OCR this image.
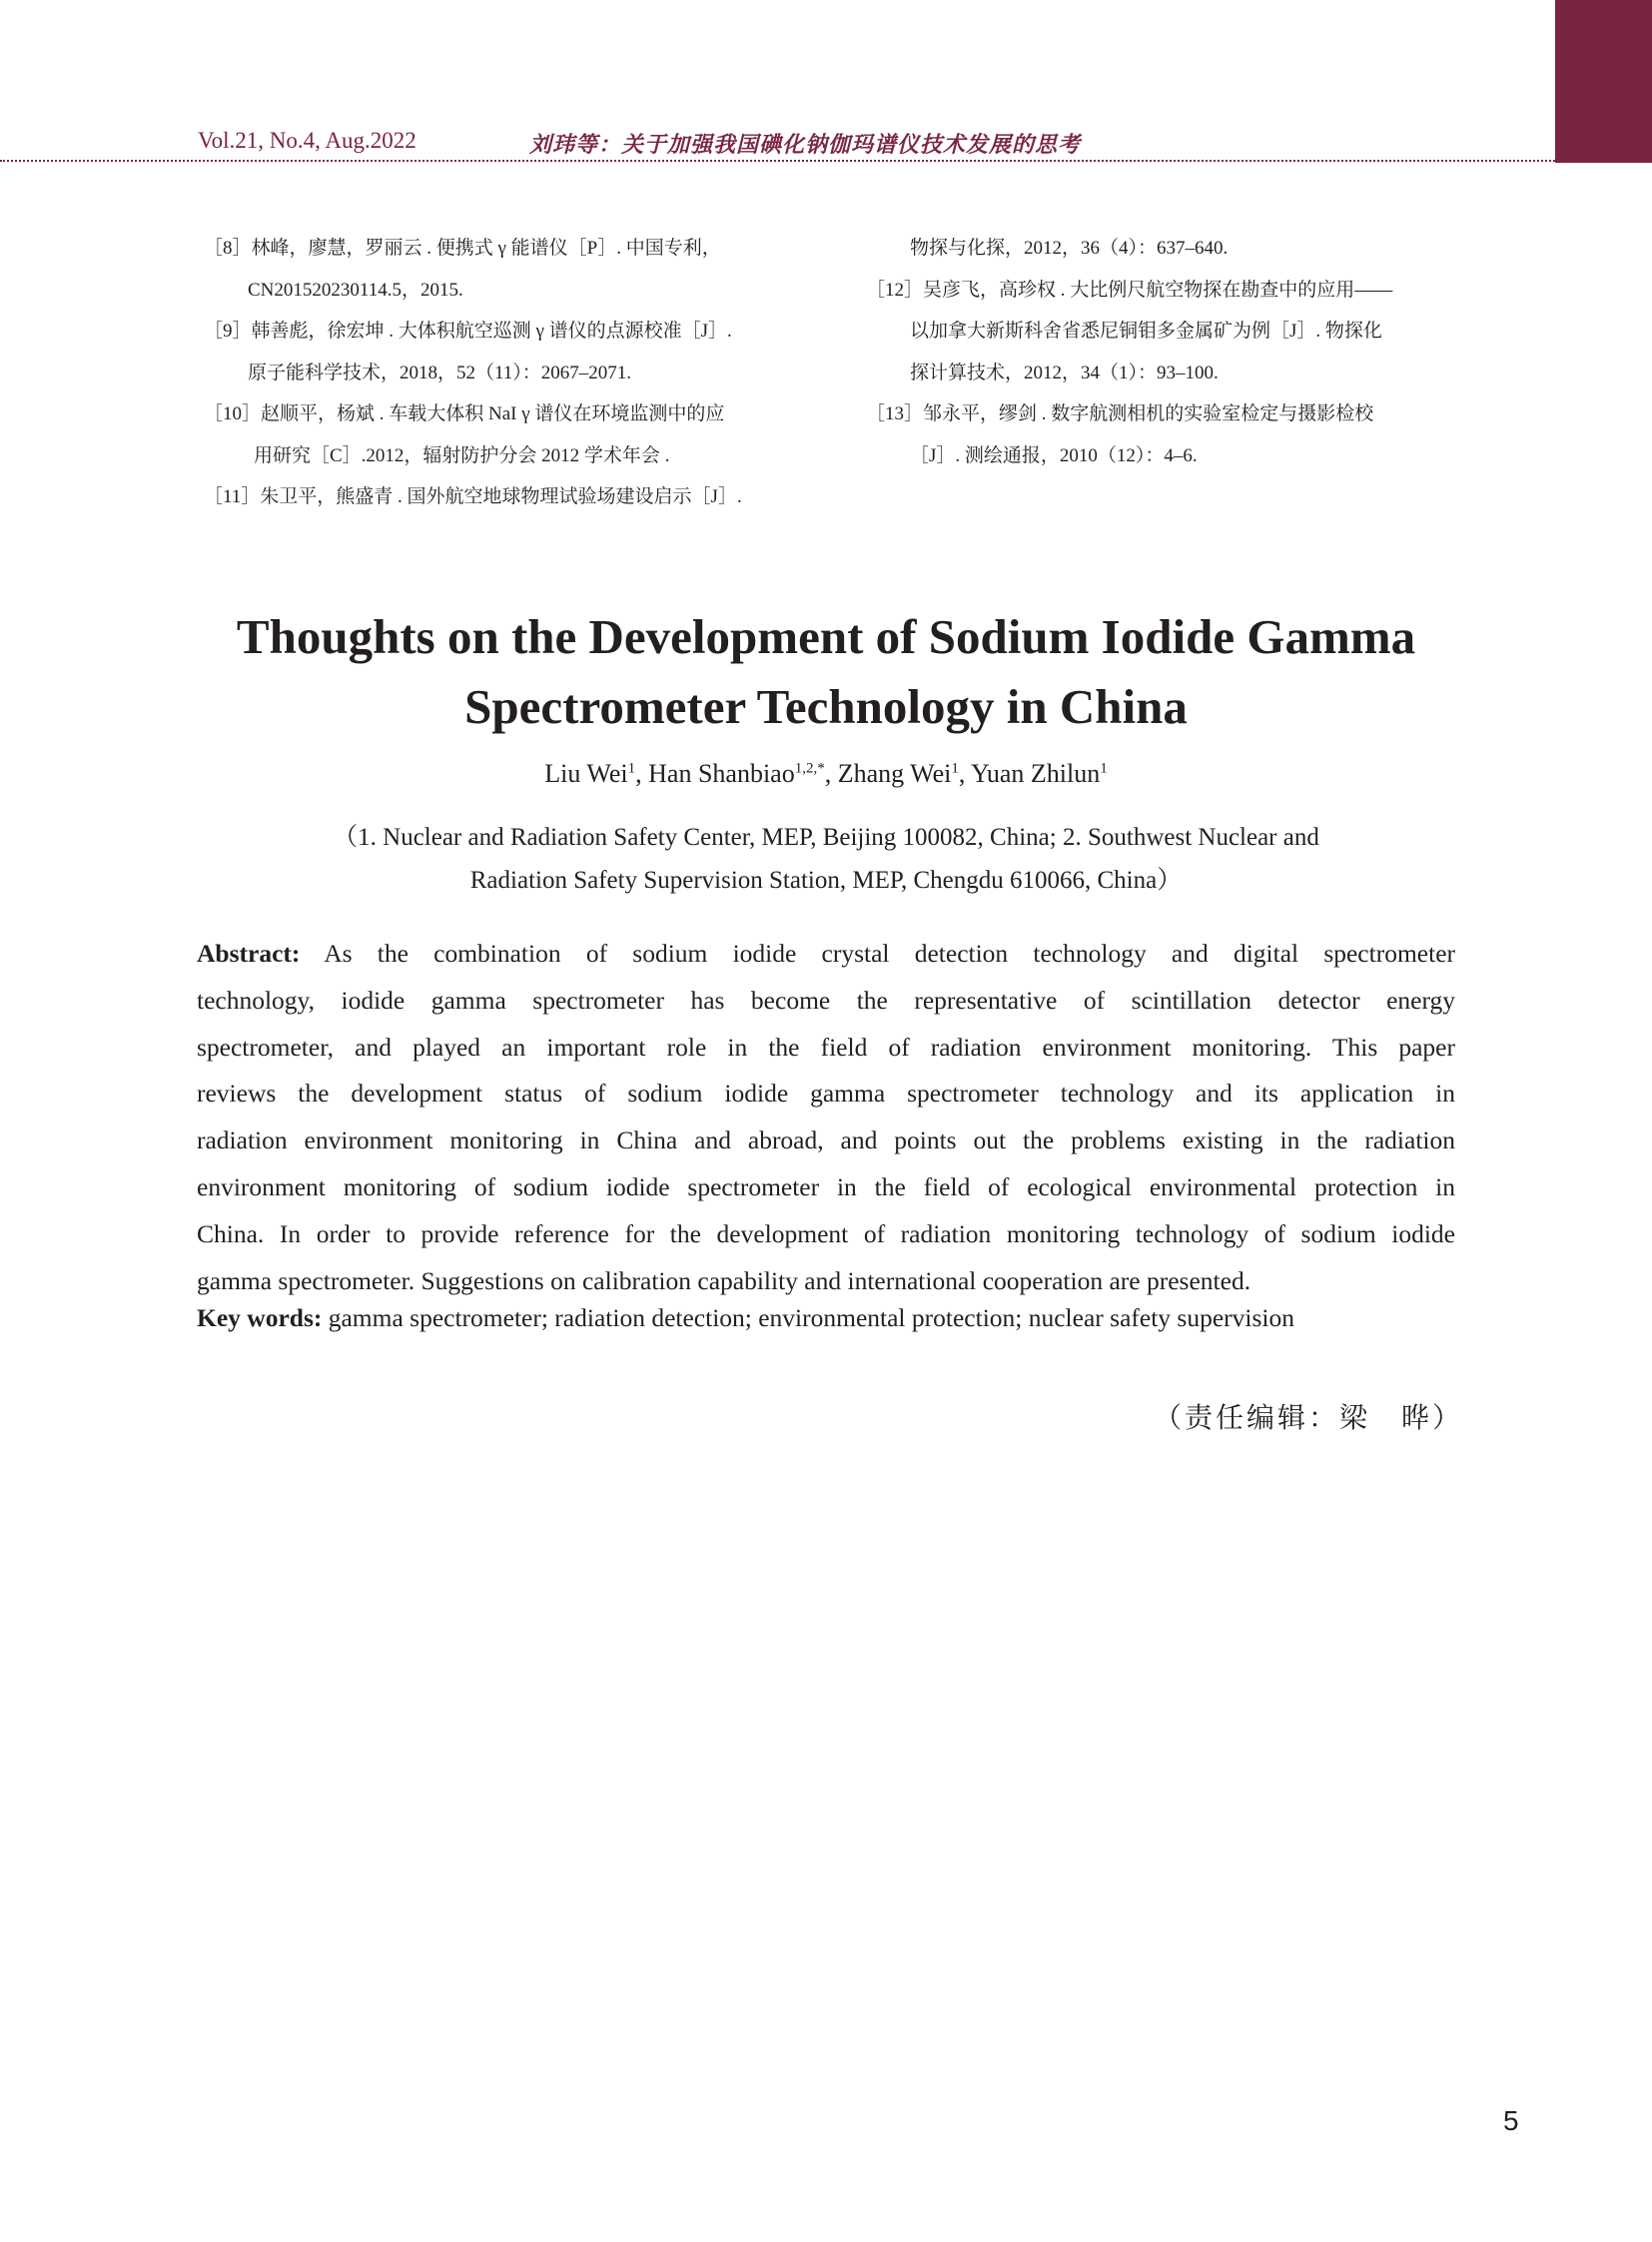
Vol.21, No.4, Aug.2022	刘玮等：关于加强我国碘化钠伽玛谱仪技术发展的思考

［8］林峰，廖慧，罗丽云 . 便携式 γ 能谱仪［P］. 中国专利，
CN201520230114.5，2015.

［9］韩善彪，徐宏坤 . 大体积航空巡测 γ 谱仪的点源校准［J］.
原子能科学技术，2018，52（11）：2067–2071.

［10］赵顺平，杨斌 . 车载大体积 NaI γ 谱仪在环境监测中的应
用研究［C］.2012，辐射防护分会 2012 学术年会 .

［11］朱卫平，熊盛青 . 国外航空地球物理试验场建设启示［J］.

物探与化探，2012，36（4）：637–640.

［12］吴彦飞，高珍权 . 大比例尺航空物探在勘查中的应用——
以加拿大新斯科舍省悉尼铜钼多金属矿为例［J］. 物探化
探计算技术，2012，34（1）：93–100.

［13］邹永平，缪剑 . 数字航测相机的实验室检定与摄影检校
［J］. 测绘通报，2010（12）：4–6.

Thoughts on the Development of Sodium Iodide Gamma
Spectrometer Technology in China
Liu Wei$^1$, Han Shanbiao$^{1,2,*}$, Zhang Wei$^1$, Yuan Zhilun$^1$
（1. Nuclear and Radiation Safety Center, MEP, Beijing 100082, China; 2. Southwest Nuclear and
Radiation Safety Supervision Station, MEP, Chengdu 610066, China）
Abstract: As the combination of sodium iodide crystal detection technology and digital spectrometer
technology, iodide gamma spectrometer has become the representative of scintillation detector energy
spectrometer, and played an important role in the field of radiation environment monitoring. This paper
reviews the development status of sodium iodide gamma spectrometer technology and its application in
radiation environment monitoring in China and abroad, and points out the problems existing in the radiation
environment monitoring of sodium iodide spectrometer in the field of ecological environmental protection in
China. In order to provide reference for the development of radiation monitoring technology of sodium iodide
gamma spectrometer. Suggestions on calibration capability and international cooperation are presented.
Key words: gamma spectrometer; radiation detection; environmental protection; nuclear safety supervision
（责任编辑：梁　晔）
5
